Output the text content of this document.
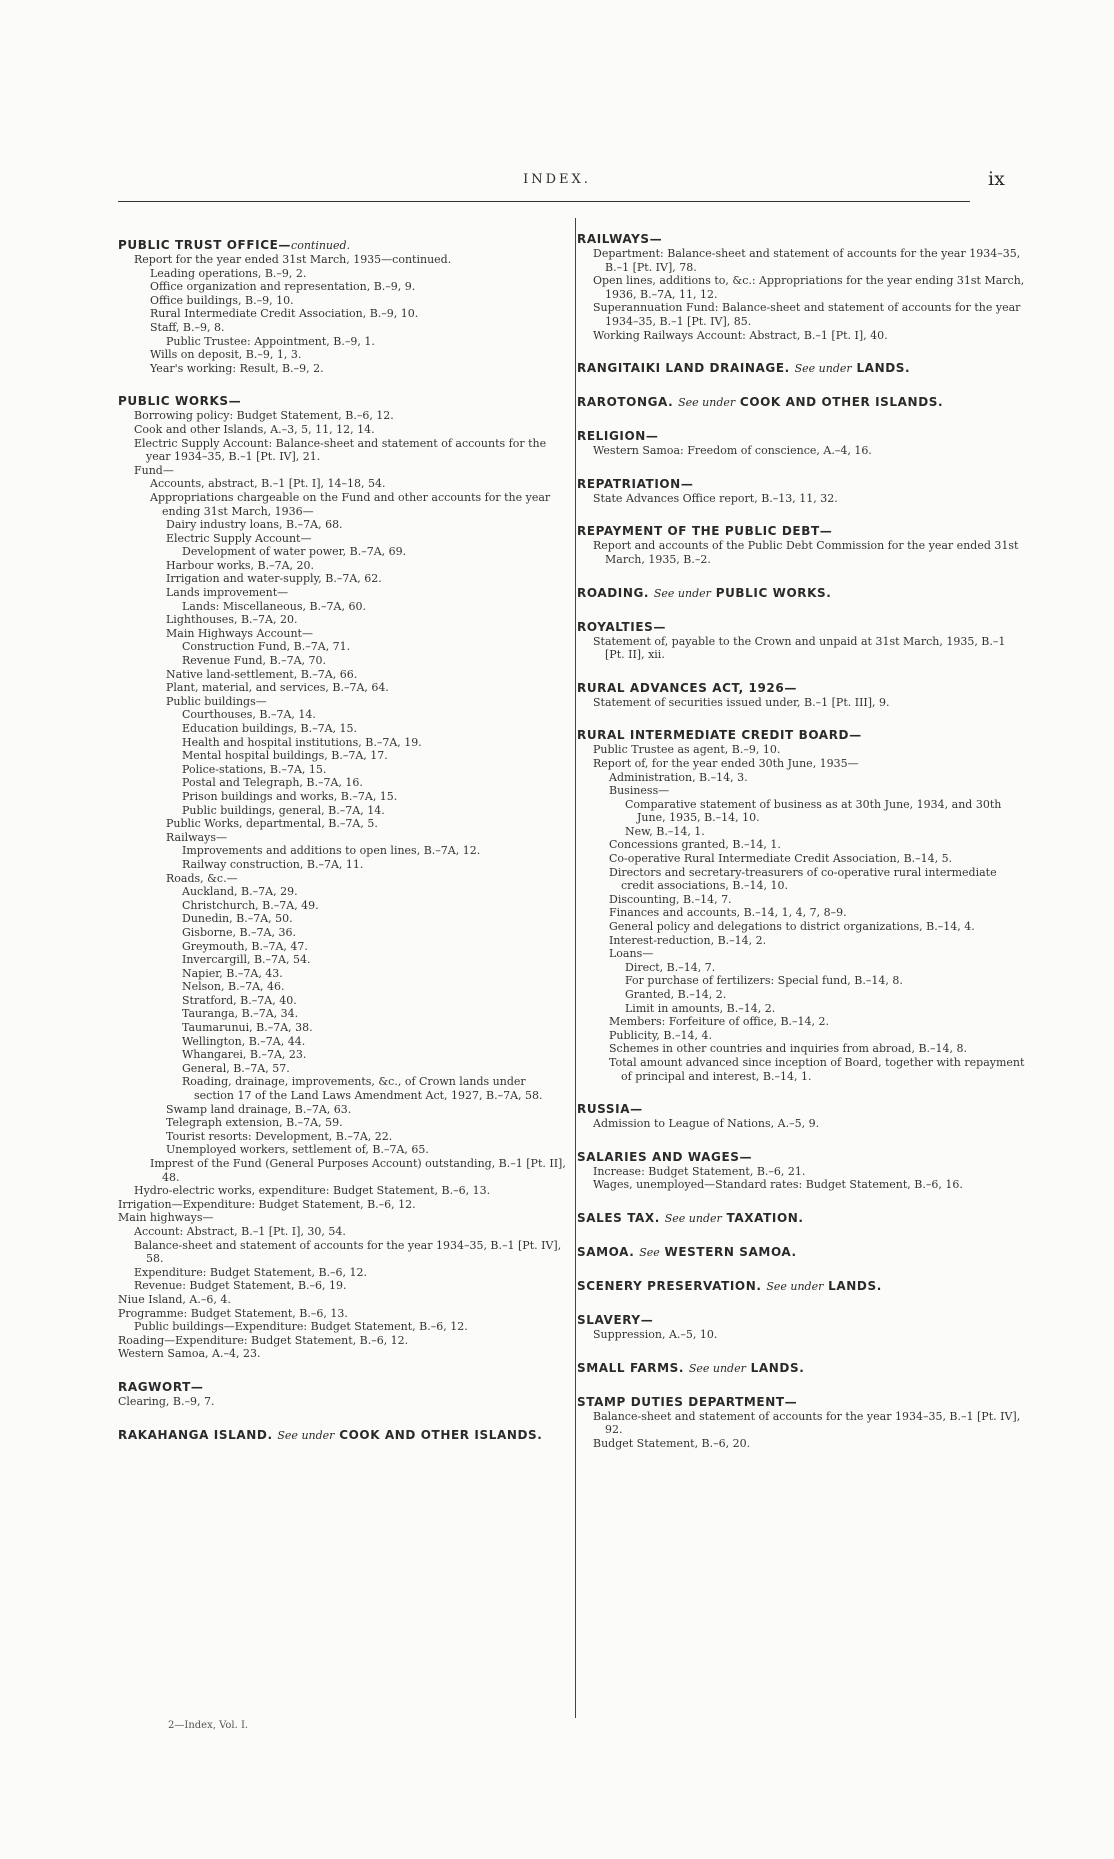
INDEX.	ix
PUBLIC TRUST OFFICE—continued.
Report for the year ended 31st March, 1935—continued.
Leading operations, B.–9, 2.
Office organization and representation, B.–9, 9.
Office buildings, B.–9, 10.
Rural Intermediate Credit Association, B.–9, 10.
Staff, B.–9, 8.
Public Trustee: Appointment, B.–9, 1.
Wills on deposit, B.–9, 1, 3.
Year's working: Result, B.–9, 2.
PUBLIC WORKS—
Borrowing policy: Budget Statement, B.–6, 12.
Cook and other Islands, A.–3, 5, 11, 12, 14.
Electric Supply Account: Balance-sheet and statement of accounts for the year 1934–35, B.–1 [Pt. IV], 21.
Fund—
Accounts, abstract, B.–1 [Pt. I], 14–18, 54.
Appropriations chargeable on the Fund and other accounts for the year ending 31st March, 1936—
Dairy industry loans, B.–7A, 68.
Electric Supply Account—
Development of water power, B.–7A, 69.
Harbour works, B.–7A, 20.
Irrigation and water-supply, B.–7A, 62.
Lands improvement—
Lands: Miscellaneous, B.–7A, 60.
Lighthouses, B.–7A, 20.
Main Highways Account—
Construction Fund, B.–7A, 71.
Revenue Fund, B.–7A, 70.
Native land-settlement, B.–7A, 66.
Plant, material, and services, B.–7A, 64.
Public buildings—
Courthouses, B.–7A, 14.
Education buildings, B.–7A, 15.
Health and hospital institutions, B.–7A, 19.
Mental hospital buildings, B.–7A, 17.
Police-stations, B.–7A, 15.
Postal and Telegraph, B.–7A, 16.
Prison buildings and works, B.–7A, 15.
Public buildings, general, B.–7A, 14.
Public Works, departmental, B.–7A, 5.
Railways—
Improvements and additions to open lines, B.–7A, 12.
Railway construction, B.–7A, 11.
Roads, &c.—
Auckland, B.–7A, 29.
Christchurch, B.–7A, 49.
Dunedin, B.–7A, 50.
Gisborne, B.–7A, 36.
Greymouth, B.–7A, 47.
Invercargill, B.–7A, 54.
Napier, B.–7A, 43.
Nelson, B.–7A, 46.
Stratford, B.–7A, 40.
Tauranga, B.–7A, 34.
Taumarunui, B.–7A, 38.
Wellington, B.–7A, 44.
Whangarei, B.–7A, 23.
General, B.–7A, 57.
Roading, drainage, improvements, &c., of Crown lands under section 17 of the Land Laws Amendment Act, 1927, B.–7A, 58.
Swamp land drainage, B.–7A, 63.
Telegraph extension, B.–7A, 59.
Tourist resorts: Development, B.–7A, 22.
Unemployed workers, settlement of, B.–7A, 65.
Imprest of the Fund (General Purposes Account) outstanding, B.–1 [Pt. II], 48.
Hydro-electric works, expenditure: Budget Statement, B.–6, 13.
Irrigation—Expenditure: Budget Statement, B.–6, 12.
Main highways—
Account: Abstract, B.–1 [Pt. I], 30, 54.
Balance-sheet and statement of accounts for the year 1934–35, B.–1 [Pt. IV], 58.
Expenditure: Budget Statement, B.–6, 12.
Revenue: Budget Statement, B.–6, 19.
Niue Island, A.–6, 4.
Programme: Budget Statement, B.–6, 13.
Public buildings—Expenditure: Budget Statement, B.–6, 12.
Roading—Expenditure: Budget Statement, B.–6, 12.
Western Samoa, A.–4, 23.
RAGWORT—
Clearing, B.–9, 7.
RAKAHANGA ISLAND. See under COOK AND OTHER ISLANDS.
RAILWAYS—
Department: Balance-sheet and statement of accounts for the year 1934–35, B.–1 [Pt. IV], 78.
Open lines, additions to, &c.: Appropriations for the year ending 31st March, 1936, B.–7A, 11, 12.
Superannuation Fund: Balance-sheet and statement of accounts for the year 1934–35, B.–1 [Pt. IV], 85.
Working Railways Account: Abstract, B.–1 [Pt. I], 40.
RANGITAIKI LAND DRAINAGE. See under LANDS.
RAROTONGA. See under COOK AND OTHER ISLANDS.
RELIGION—
Western Samoa: Freedom of conscience, A.–4, 16.
REPATRIATION—
State Advances Office report, B.–13, 11, 32.
REPAYMENT OF THE PUBLIC DEBT—
Report and accounts of the Public Debt Commission for the year ended 31st March, 1935, B.–2.
ROADING. See under PUBLIC WORKS.
ROYALTIES—
Statement of, payable to the Crown and unpaid at 31st March, 1935, B.–1 [Pt. II], xii.
RURAL ADVANCES ACT, 1926—
Statement of securities issued under, B.–1 [Pt. III], 9.
RURAL INTERMEDIATE CREDIT BOARD—
Public Trustee as agent, B.–9, 10.
Report of, for the year ended 30th June, 1935—
Administration, B.–14, 3.
Business—
Comparative statement of business as at 30th June, 1934, and 30th June, 1935, B.–14, 10.
New, B.–14, 1.
Concessions granted, B.–14, 1.
Co-operative Rural Intermediate Credit Association, B.–14, 5.
Directors and secretary-treasurers of co-operative rural intermediate credit associations, B.–14, 10.
Discounting, B.–14, 7.
Finances and accounts, B.–14, 1, 4, 7, 8–9.
General policy and delegations to district organizations, B.–14, 4.
Interest-reduction, B.–14, 2.
Loans—
Direct, B.–14, 7.
For purchase of fertilizers: Special fund, B.–14, 8.
Granted, B.–14, 2.
Limit in amounts, B.–14, 2.
Members: Forfeiture of office, B.–14, 2.
Publicity, B.–14, 4.
Schemes in other countries and inquiries from abroad, B.–14, 8.
Total amount advanced since inception of Board, together with repayment of principal and interest, B.–14, 1.
RUSSIA—
Admission to League of Nations, A.–5, 9.
SALARIES AND WAGES—
Increase: Budget Statement, B.–6, 21.
Wages, unemployed—Standard rates: Budget Statement, B.–6, 16.
SALES TAX. See under TAXATION.
SAMOA. See WESTERN SAMOA.
SCENERY PRESERVATION. See under LANDS.
SLAVERY—
Suppression, A.–5, 10.
SMALL FARMS. See under LANDS.
STAMP DUTIES DEPARTMENT—
Balance-sheet and statement of accounts for the year 1934–35, B.–1 [Pt. IV], 92.
Budget Statement, B.–6, 20.
2—Index, Vol. I.
